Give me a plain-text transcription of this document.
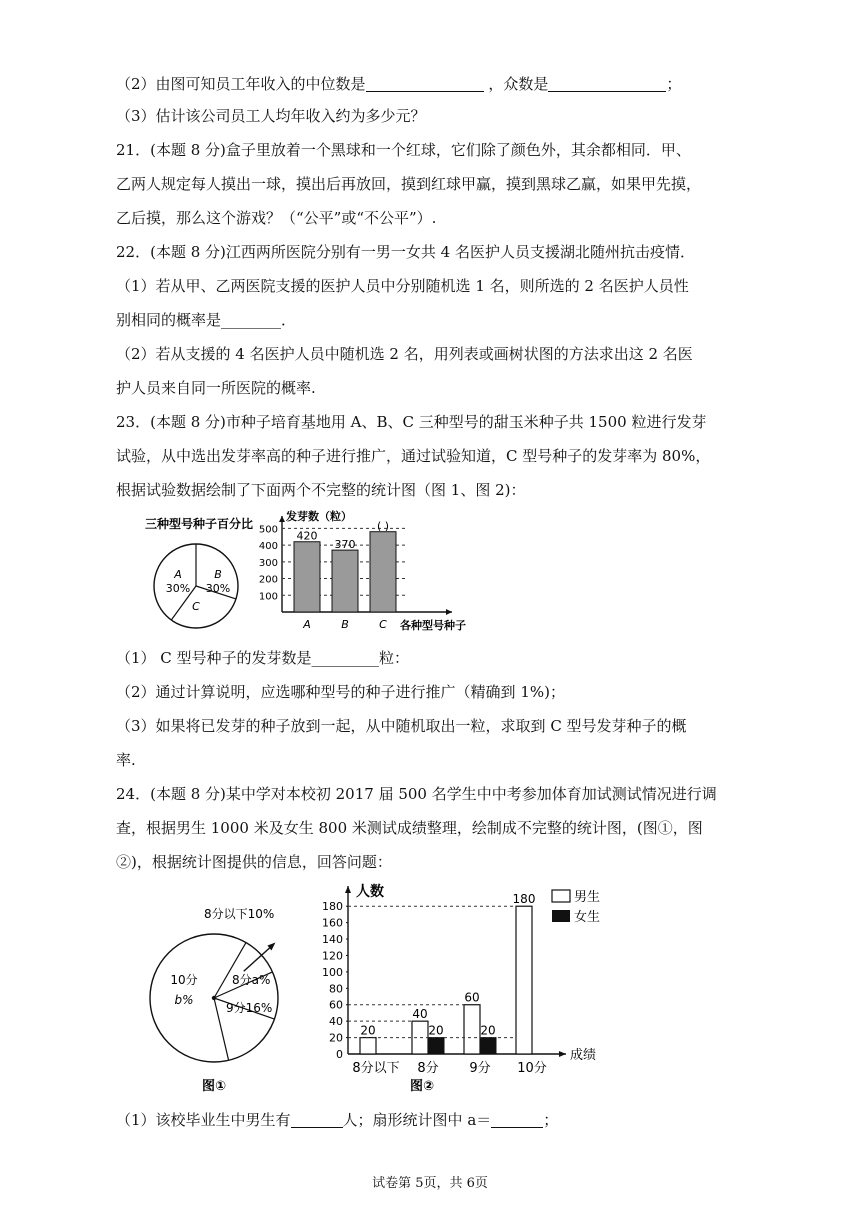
（2）由图可知员工年收入的中位数是	，众数是	；
（3）估计该公司员工人均年收入约为多少元？
21．(本题 8 分)盒子里放着一个黑球和一个红球，它们除了颜色外，其余都相同．甲、
乙两人规定每人摸出一球，摸出后再放回，摸到红球甲赢，摸到黑球乙赢，如果甲先摸，
乙后摸，那么这个游戏？（“公平”或“不公平”）.
22．(本题 8 分)江西两所医院分别有一男一女共 4 名医护人员支援湖北随州抗击疫情．
（1）若从甲、乙两医院支援的医护人员中分别随机选 1 名，则所选的 2 名医护人员性
别相同的概率是________．
（2）若从支援的 4 名医护人员中随机选 2 名，用列表或画树状图的方法求出这 2 名医
护人员来自同一所医院的概率.
23．(本题 8 分)市种子培育基地用 A、B、C 三种型号的甜玉米种子共 1500 粒进行发芽
试验，从中选出发芽率高的种子进行推广，通过试验知道，C 型号种子的发芽率为 80%，
根据试验数据绘制了下面两个不完整的统计图（图 1、图 2)：
三种型号种子百分比
A
30%
B
30%
C
发芽数（粒）
100
200
300
400
500 420
A
370
B
( )
C 各种型号种子
（1） C 型号种子的发芽数是_________粒：
（2）通过计算说明，应选哪种型号的种子进行推广（精确到 1%)；
（3）如果将已发芽的种子放到一起，从中随机取出一粒，求取到 C 型号发芽种子的概
率.
24．(本题 8 分)某中学对本校初 2017 届 500 名学生中中考参加体育加试测试情况进行调
查，根据男生 1000 米及女生 800 米测试成绩整理，绘制成不完整的统计图，(图①，图
②)，根据统计图提供的信息，回答问题：
8分以下10%
8分a%
9分16%
10分
b%
图①
人数
成绩
0
20
40
60
80
100
120
140
160
180
20
8分以下
40
20
8分
60
20
9分
180
10分
男生
女生
图②
（1）该校毕业生中男生有	人；扇形统计图中 a＝	；
试卷第 5页，共 6页
